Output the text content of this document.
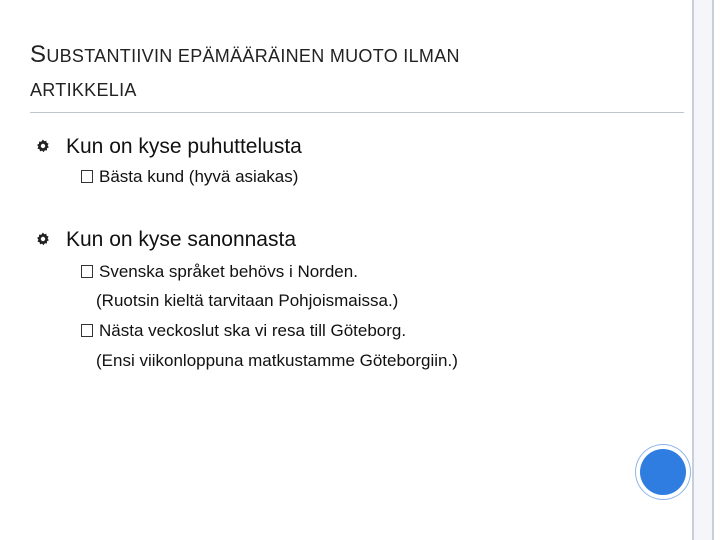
SUBSTANTIIVIN EPÄMÄÄRÄINEN MUOTO ILMAN
ARTIKKELIA
Kun on kyse puhuttelusta
Bästa kund (hyvä asiakas)
Kun on kyse sanonnasta
Svenska språket behövs i Norden.
(Ruotsin kieltä tarvitaan Pohjoismaissa.)
Nästa veckoslut ska vi resa till Göteborg.
(Ensi viikonloppuna matkustamme Göteborgiin.)
